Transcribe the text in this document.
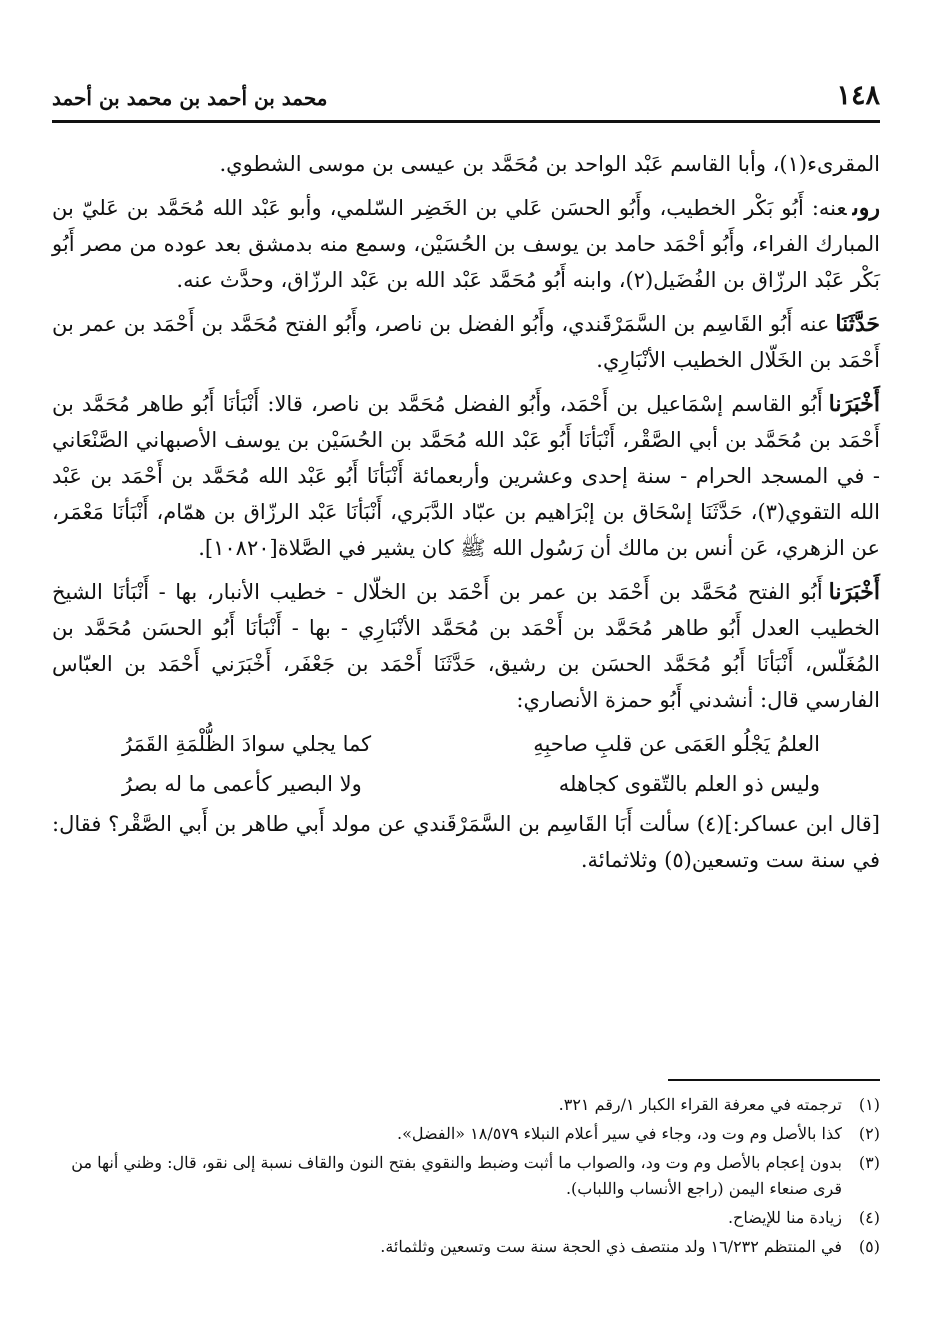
١٤٨
محمد بن أحمد بن محمد بن أحمد

المقرىء(١)، وأبا القاسم عَبْد الواحد بن مُحَمَّد بن عيسى بن موسى الشطوي.

روىعنه: أَبُو بَكْر الخطيب، وأَبُو الحسَن عَلي بن الخَضِر السّلمي، وأبو عَبْد الله مُحَمَّد بن عَليّ بن المبارك الفراء، وأَبُو أحْمَد حامد بن يوسف بن الحُسَيْن، وسمع منه بدمشق بعد عوده من مصر أَبُو بَكْر عَبْد الرزّاق بن الفُضَيل(٢)، وابنه أَبُو مُحَمَّد عَبْد الله بن عَبْد الرزّاق، وحدَّث عنه.

حَدَّثَنَاعنه أَبُو القَاسِم بن السَّمَرْقَندي، وأَبُو الفضل بن ناصر، وأَبُو الفتح مُحَمَّد بن أَحْمَد بن عمر بن أَحْمَد بن الخَلّال الخطيب الأنْبَارِي.

أَخْبَرَناأَبُو القاسم إسْمَاعيل بن أَحْمَد، وأَبُو الفضل مُحَمَّد بن ناصر، قالا: أَنْبَأنَا أَبُو طاهر مُحَمَّد بن أَحْمَد بن مُحَمَّد بن أبي الصَّقْر، أَنْبَأنَا أَبُو عَبْد الله مُحَمَّد بن الحُسَيْن بن يوسف الأصبهاني الصَّنْعَاني - في المسجد الحرام - سنة إحدى وعشرين وأربعمائة أَنْبَأنَا أَبُو عَبْد الله مُحَمَّد بن أَحْمَد بن عَبْد الله التقوي(٣)، حَدَّثَنَا إسْحَاق بن إبْرَاهيم بن عبّاد الدَّبَري، أَنْبَأنَا عَبْد الرزّاق بن همّام، أَنْبَأنَا مَعْمَر، عن الزهري، عَن أنس بن مالك أن رَسُول الله ﷺ كان يشير في الصَّلاة[١٠٨٢٠].

أَخْبَرَناأَبُو الفتح مُحَمَّد بن أَحْمَد بن عمر بن أَحْمَد بن الخلّال - خطيب الأنبار، بها - أَنْبَأنَا الشيخ الخطيب العدل أَبُو طاهر مُحَمَّد بن أَحْمَد بن مُحَمَّد الأنْبَارِي - بها - أَنْبَأنَا أَبُو الحسَن مُحَمَّد بن المُغَلّس، أَنْبَأنَا أَبُو مُحَمَّد الحسَن بن رشيق، حَدَّثَنَا أَحْمَد بن جَعْفَر، أَخْبَرَني أَحْمَد بن العبّاس الفارسي قال: أنشدني أَبُو حمزة الأنصاري:

العلمُ يَجْلُو العَمَى عن قلبِ صاحبِهِ
كما يجلي سوادَ الظُّلْمَةِ القَمَرُ
وليس ذو العلم بالتّقوى كجاهله
ولا البصير كأعمى ما له بصرُ

[قال ابن عساكر:](٤) سألت أَبَا القَاسِم بن السَّمَرْقَندي عن مولد أَبي طاهر بن أَبي الصَّقْر؟ فقال: في سنة ست وتسعين(٥) وثلاثمائة.

(١)
ترجمته في معرفة القراء الكبار ١/رقم ٣٢١.
(٢)
كذا بالأصل وم وت ود، وجاء في سير أعلام النبلاء ١٨/٥٧٩ «الفضل».
(٣)
بدون إعجام بالأصل وم وت ود، والصواب ما أثبت وضبط والنقوي بفتح النون والقاف نسبة إلى نقو، قال: وظني أنها من قرى صنعاء اليمن (راجع الأنساب واللباب).
(٤)
زيادة منا للإيضاح.
(٥)
في المنتظم ١٦/٢٣٢ ولد منتصف ذي الحجة سنة ست وتسعين وثلثمائة.
